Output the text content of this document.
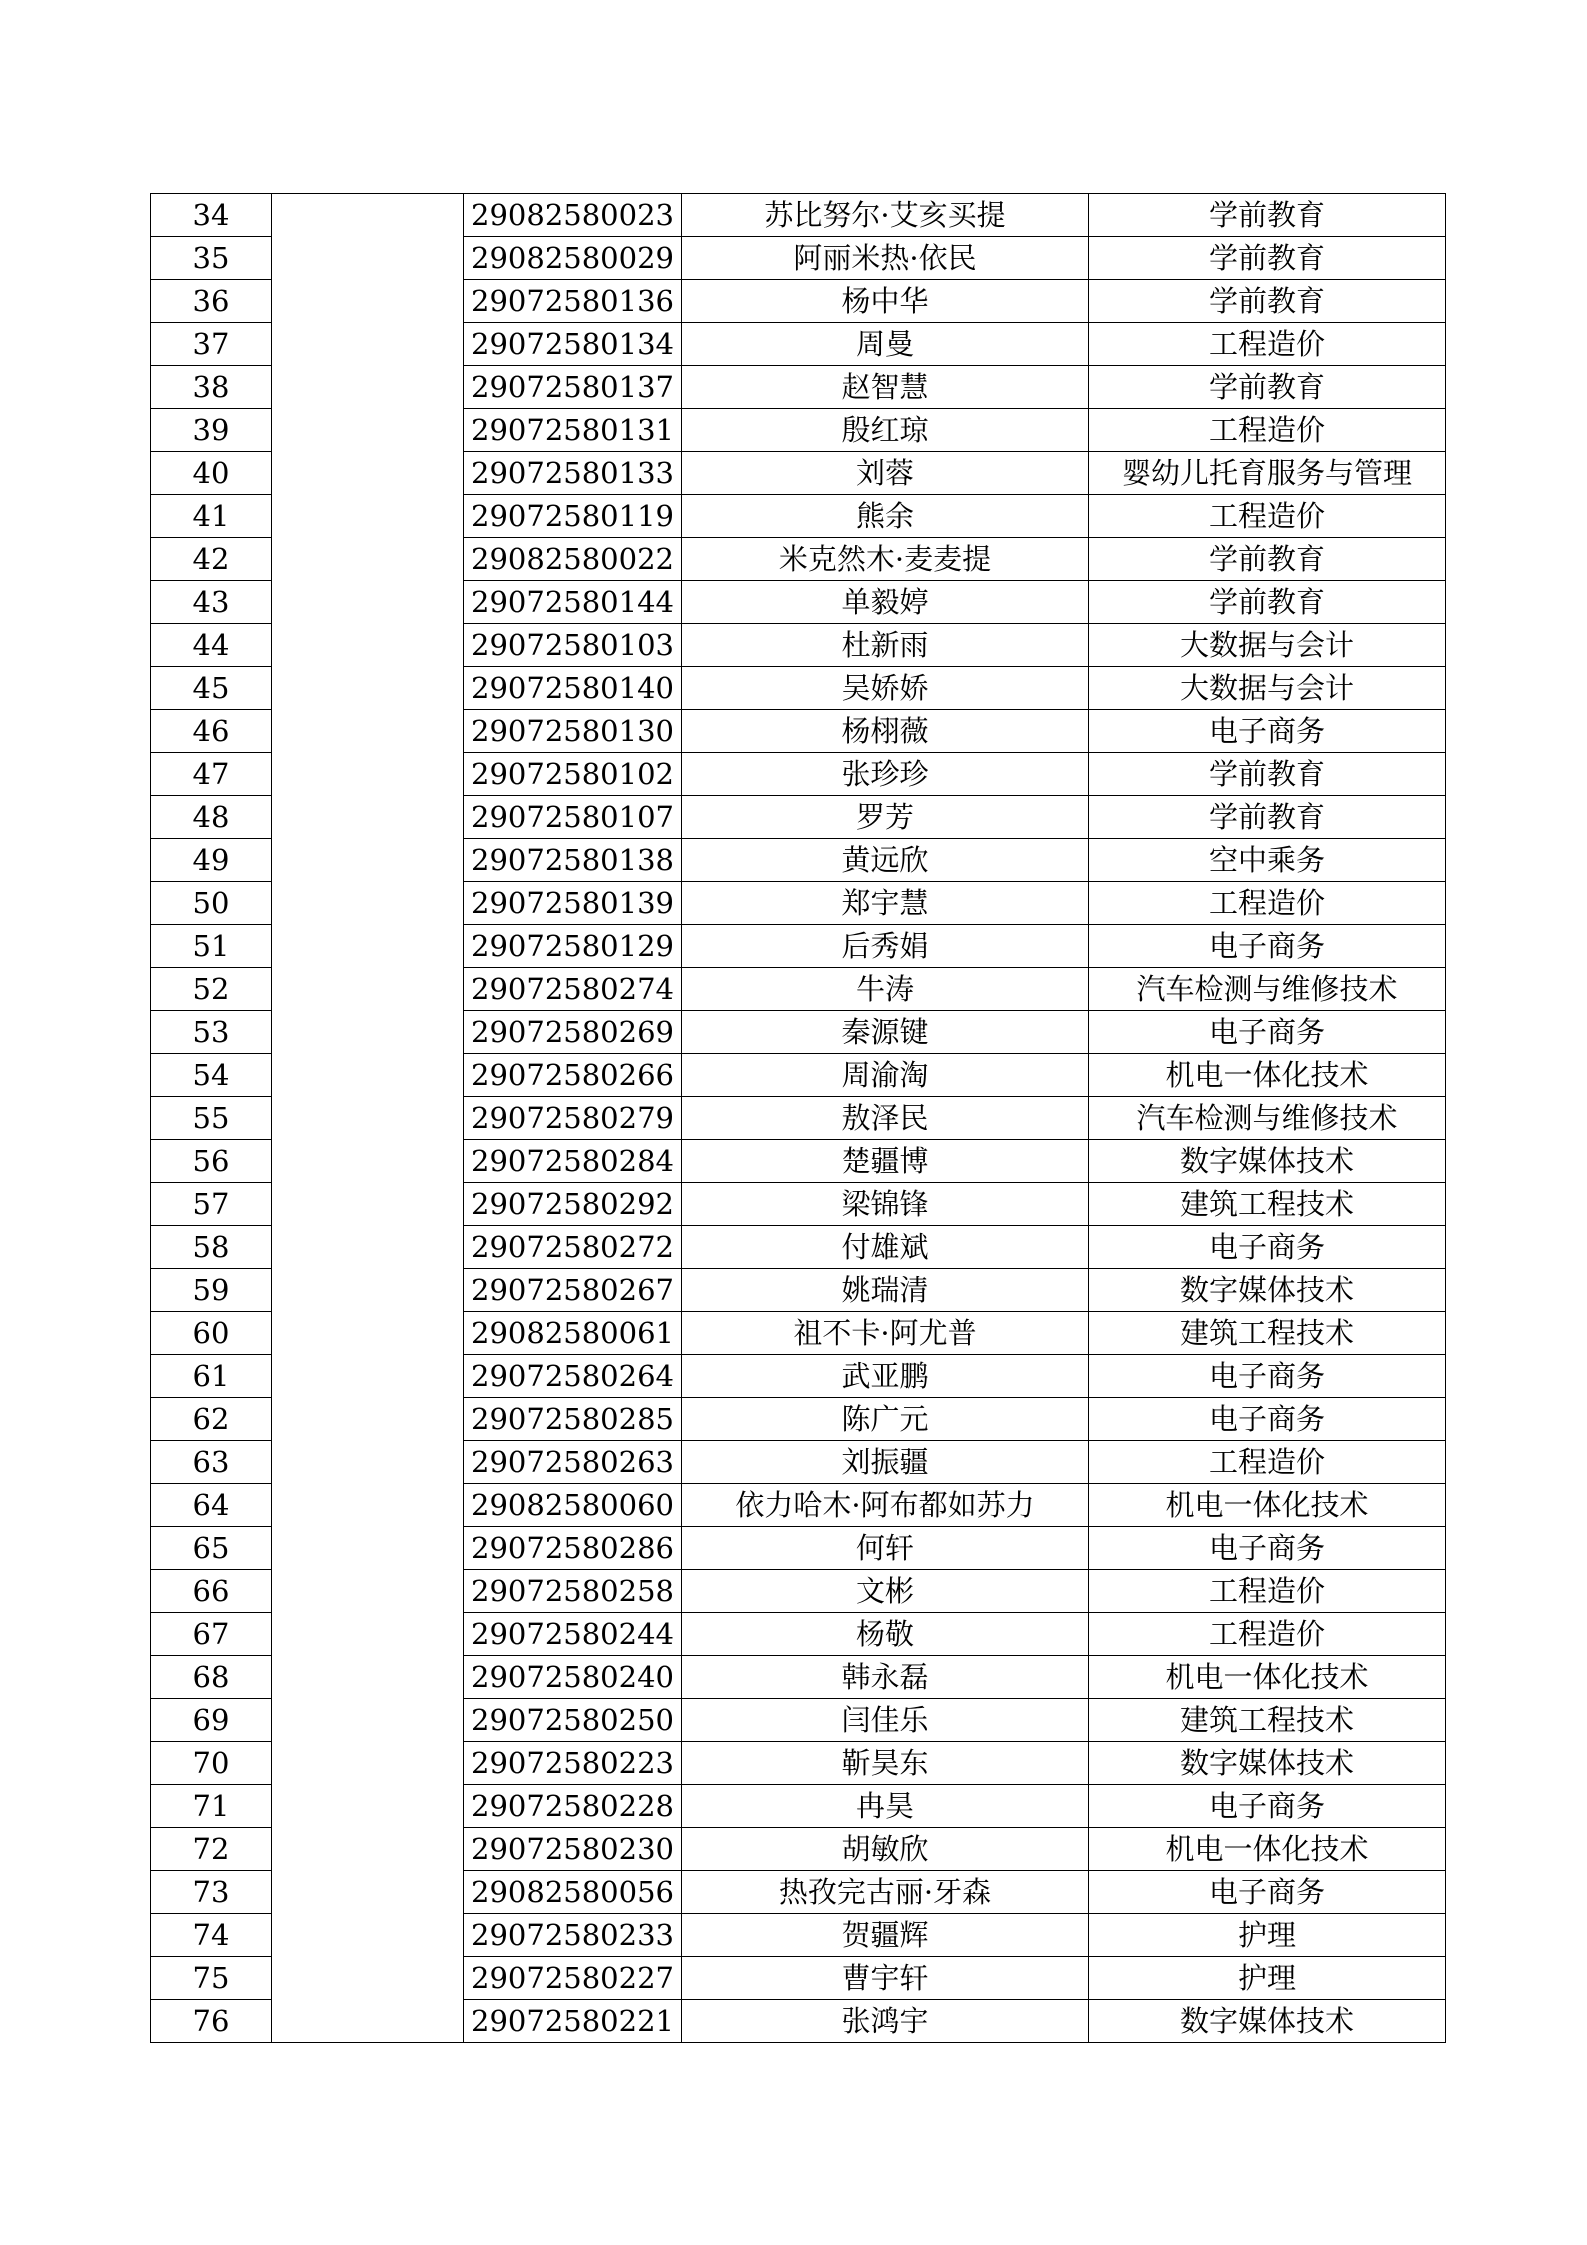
34		29082580023	苏比努尔·艾亥买提	学前教育
35		29082580029	阿丽米热·依民	学前教育
36		29072580136	杨中华	学前教育
37		29072580134	周曼	工程造价
38		29072580137	赵智慧	学前教育
39		29072580131	殷红琼	工程造价
40		29072580133	刘蓉	婴幼儿托育服务与管理
41		29072580119	熊余	工程造价
42		29082580022	米克然木·麦麦提	学前教育
43		29072580144	单毅婷	学前教育
44		29072580103	杜新雨	大数据与会计
45		29072580140	吴娇娇	大数据与会计
46		29072580130	杨栩薇	电子商务
47		29072580102	张珍珍	学前教育
48		29072580107	罗芳	学前教育
49		29072580138	黄远欣	空中乘务
50		29072580139	郑宇慧	工程造价
51		29072580129	后秀娟	电子商务
52		29072580274	牛涛	汽车检测与维修技术
53		29072580269	秦源键	电子商务
54		29072580266	周渝淘	机电一体化技术
55		29072580279	敖泽民	汽车检测与维修技术
56		29072580284	楚疆博	数字媒体技术
57		29072580292	梁锦锋	建筑工程技术
58		29072580272	付雄斌	电子商务
59		29072580267	姚瑞清	数字媒体技术
60		29082580061	祖不卡·阿尤普	建筑工程技术
61		29072580264	武亚鹏	电子商务
62		29072580285	陈广元	电子商务
63		29072580263	刘振疆	工程造价
64		29082580060	依力哈木·阿布都如苏力	机电一体化技术
65		29072580286	何轩	电子商务
66		29072580258	文彬	工程造价
67		29072580244	杨敬	工程造价
68		29072580240	韩永磊	机电一体化技术
69		29072580250	闫佳乐	建筑工程技术
70		29072580223	靳昊东	数字媒体技术
71		29072580228	冉昊	电子商务
72		29072580230	胡敏欣	机电一体化技术
73		29082580056	热孜完古丽·牙森	电子商务
74		29072580233	贺疆辉	护理
75		29072580227	曹宇轩	护理
76		29072580221	张鸿宇	数字媒体技术
